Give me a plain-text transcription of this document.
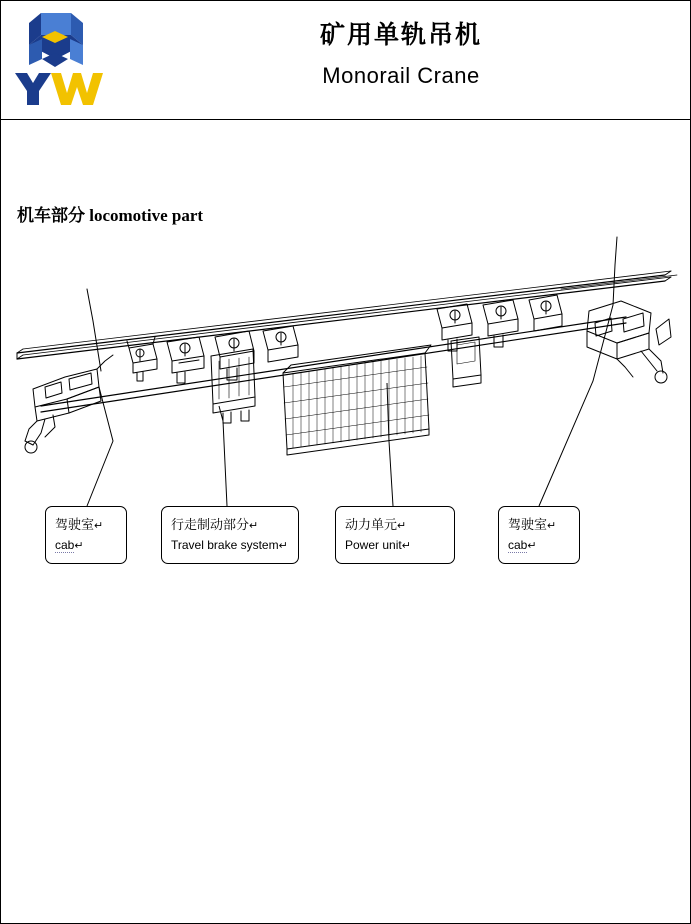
矿用单轨吊机
Monorail Crane
机车部分 locomotive part
驾驶室↵
cab↵
行走制动部分↵
Travel brake system↵
动力单元↵
Power unit↵
驾驶室↵
cab↵
